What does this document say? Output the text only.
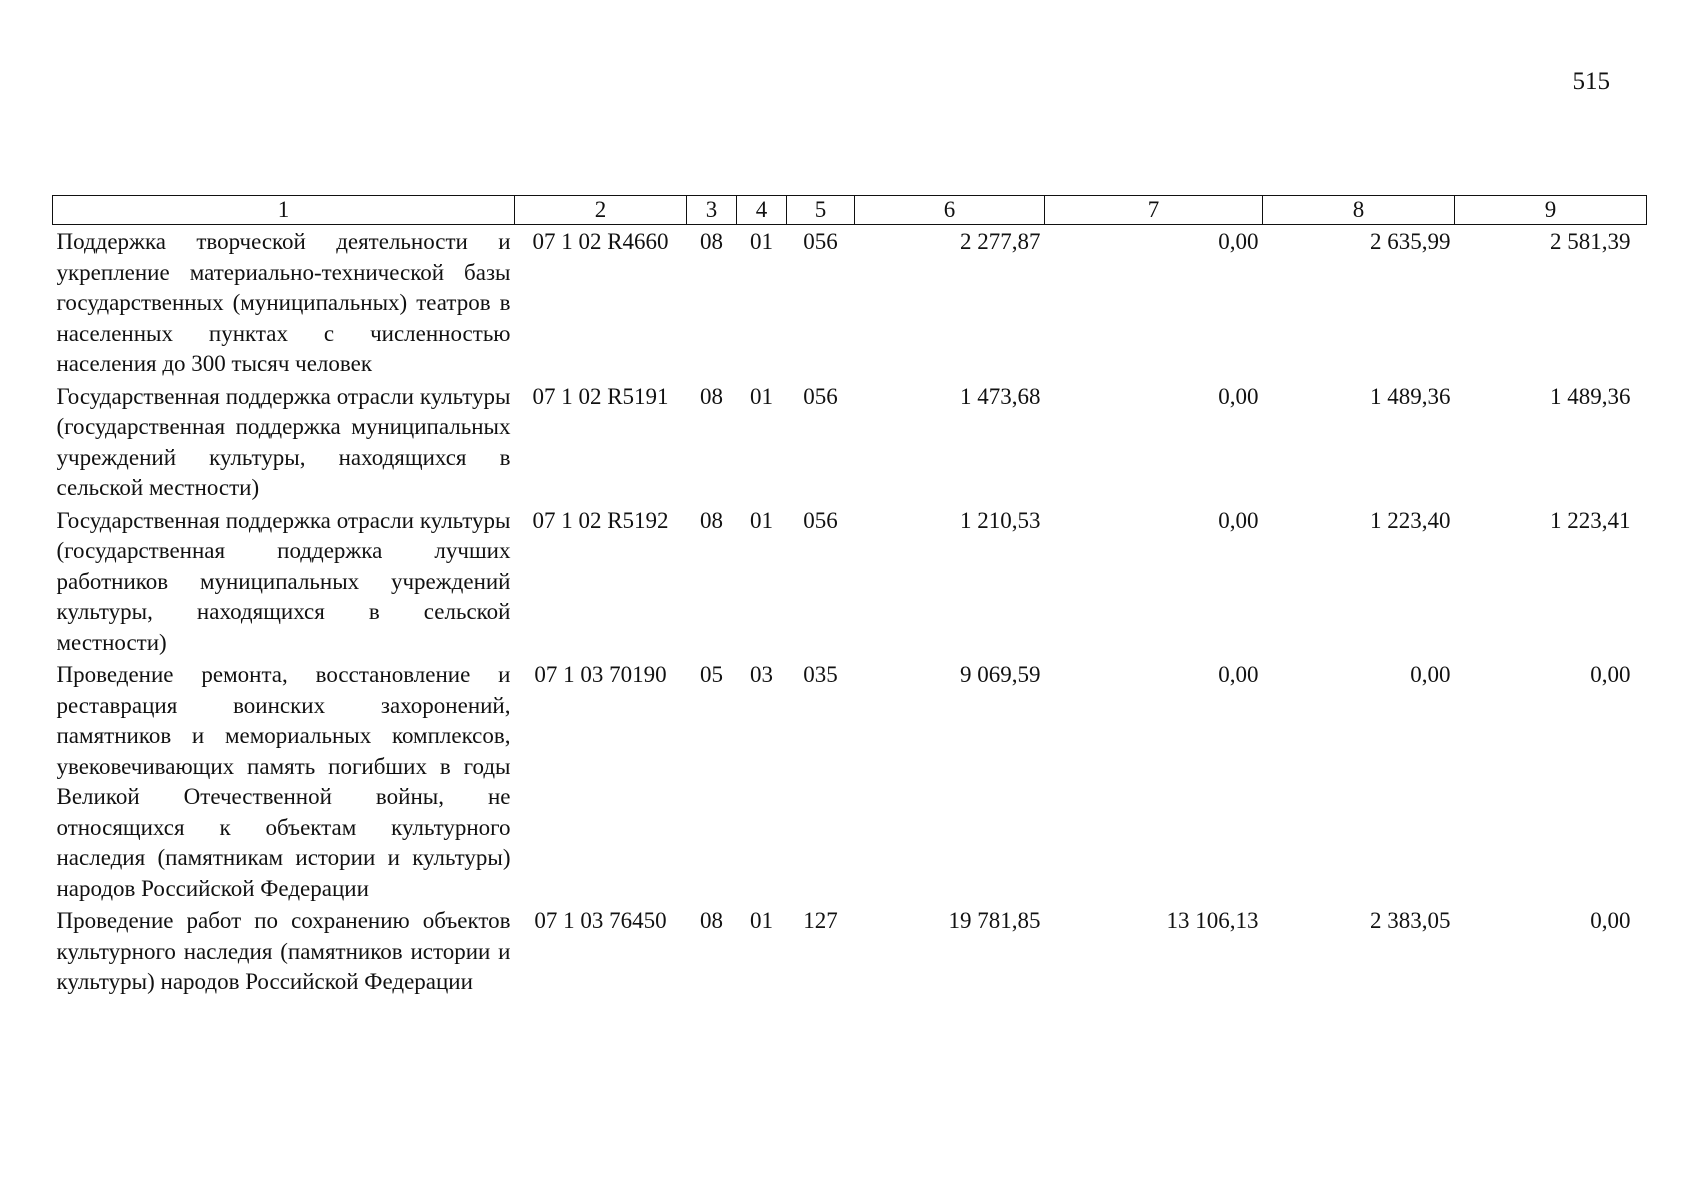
515
1	2	3	4	5	6	7	8	9
Поддержка творческой деятельности и укрепление материально-технической базы государственных (муниципальных) театров в населенных пунктах с численностью населения до 300 тысяч человек	07 1 02 R4660	08	01	056	2 277,87	0,00	2 635,99	2 581,39
Государственная поддержка отрасли культуры (государственная поддержка муниципальных учреждений культуры, находящихся в сельской местности)	07 1 02 R5191	08	01	056	1 473,68	0,00	1 489,36	1 489,36
Государственная поддержка отрасли культуры (государственная поддержка лучших работников муниципальных учреждений культуры, находящихся в сельской местности)	07 1 02 R5192	08	01	056	1 210,53	0,00	1 223,40	1 223,41
Проведение ремонта, восстановление и реставрация воинских захоронений, памятников и мемориальных комплексов, увековечивающих память погибших в годы Великой Отечественной войны, не относящихся к объектам культурного наследия (памятникам истории и культуры) народов Российской Федерации	07 1 03 70190	05	03	035	9 069,59	0,00	0,00	0,00
Проведение работ по сохранению объектов культурного наследия (памятников истории и культуры) народов Российской Федерации	07 1 03 76450	08	01	127	19 781,85	13 106,13	2 383,05	0,00
